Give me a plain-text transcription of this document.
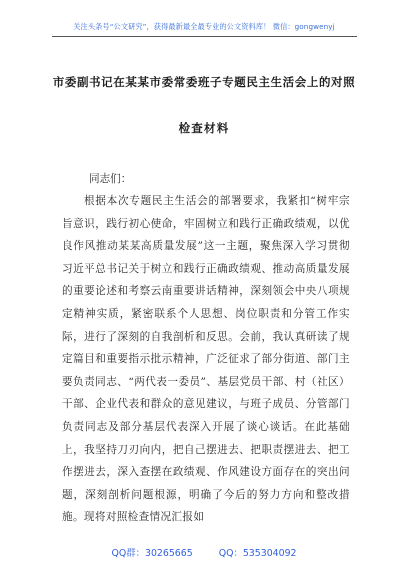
关注头条号“公文研究”，获得最新最全最专业的公文资料库！ 微信：gongwenyj
市委副书记在某某市委常委班子专题民主生活会上的对照
检查材料
同志们：
根据本次专题民主生活会的部署要求，我紧扣“树牢宗旨意识，践行初心使命，牢固树立和践行正确政绩观，以优良作风推动某某高质量发展”这一主题，聚焦深入学习贯彻习近平总书记关于树立和践行正确政绩观、推动高质量发展的重要论述和考察云南重要讲话精神，深刻领会中央八项规定精神实质，紧密联系个人思想、岗位职责和分管工作实际，进行了深刻的自我剖析和反思。会前，我认真研读了规定篇目和重要指示批示精神，广泛征求了部分街道、部门主要负责同志、“两代表一委员”、基层党员干部、村（社区）干部、企业代表和群众的意见建议，与班子成员、分管部门负责同志及部分基层代表深入开展了谈心谈话。在此基础上，我坚持刀刃向内，把自己摆进去、把职责摆进去、把工作摆进去，深入查摆在政绩观、作风建设方面存在的突出问题，深刻剖析问题根源，明确了今后的努力方向和整改措施。现将对照检查情况汇报如
QQ群：30265665	QQ：535304092
